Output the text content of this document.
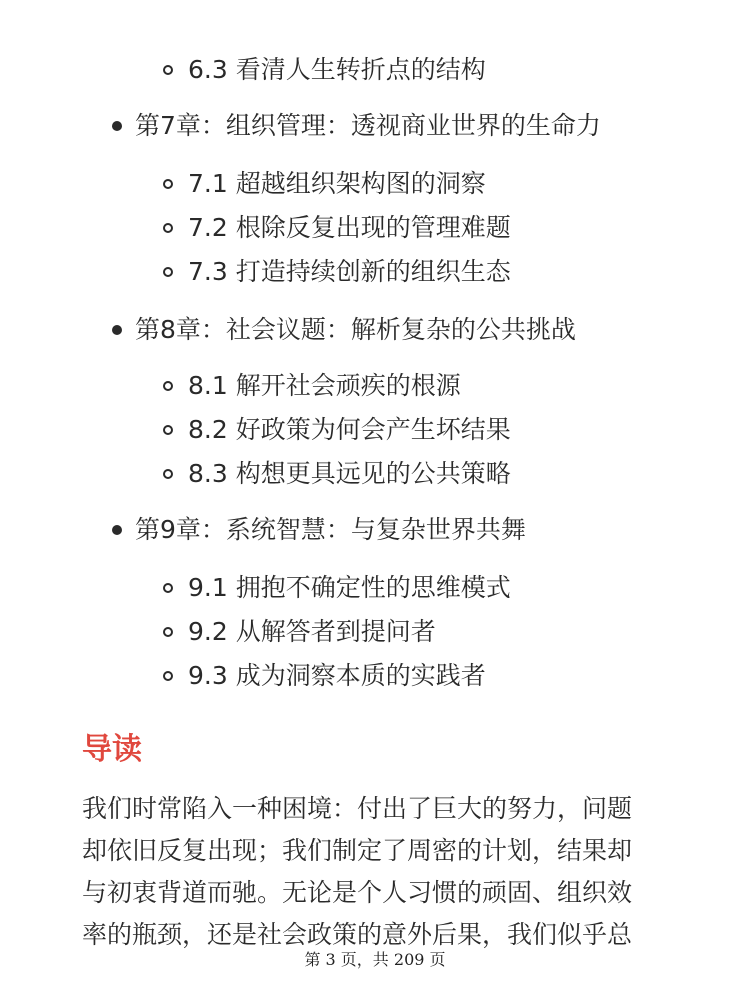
6.3 看清人生转折点的结构
第7章：组织管理：透视商业世界的生命力
7.1 超越组织架构图的洞察
7.2 根除反复出现的管理难题
7.3 打造持续创新的组织生态
第8章：社会议题：解析复杂的公共挑战
8.1 解开社会顽疾的根源
8.2 好政策为何会产生坏结果
8.3 构想更具远见的公共策略
第9章：系统智慧：与复杂世界共舞
9.1 拥抱不确定性的思维模式
9.2 从解答者到提问者
9.3 成为洞察本质的实践者
导读
我们时常陷入一种困境：付出了巨大的努力，问题
却依旧反复出现；我们制定了周密的计划，结果却
与初衷背道而驰。无论是个人习惯的顽固、组织效
率的瓶颈，还是社会政策的意外后果，我们似乎总
第 3 页，共 209 页
